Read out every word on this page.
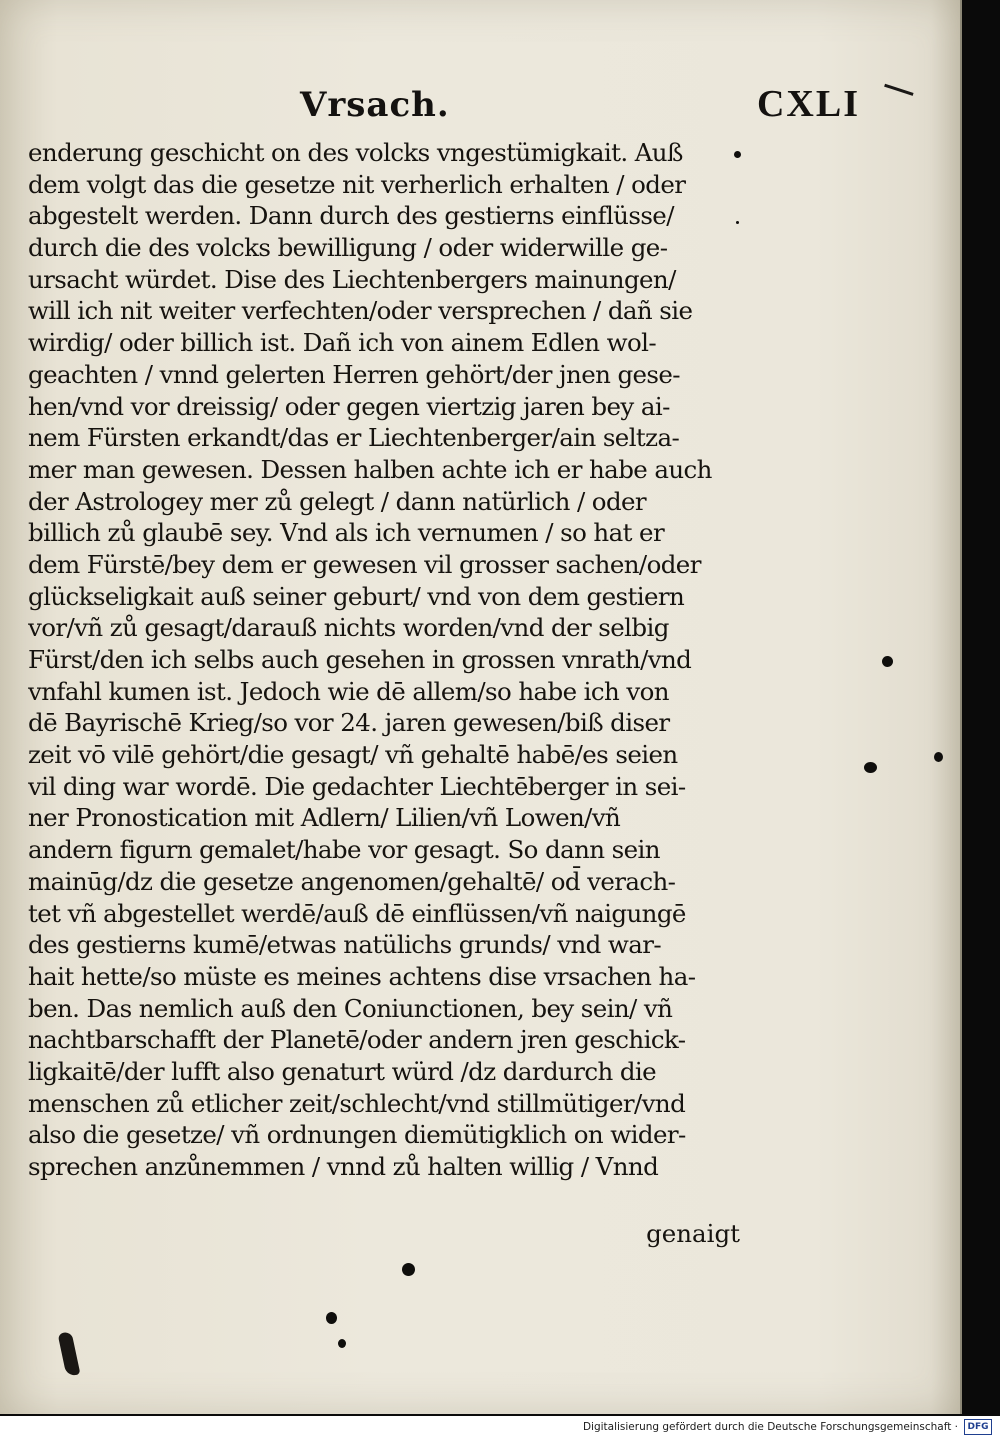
Vrsach.	CXLI
enderung geschicht on des volcks vngestümigkait. Auß
dem volgt das die gesetze nit verherlich erhalten / oder
abgestelt werden. Dann durch des gestierns einflüsse/
durch die des volcks bewilligung / oder widerwille ge-
ursacht würdet. Dise des Liechtenbergers mainungen/
will ich nit weiter verfechten/oder versprechen / dañ sie
wirdig/ oder billich ist. Dañ ich von ainem Edlen wol-
geachten / vnnd gelerten Herren gehört/der jnen gese-
hen/vnd vor dreissig/ oder gegen viertzig jaren bey ai-
nem Fürsten erkandt/das er Liechtenberger/ain seltza-
mer man gewesen. Dessen halben achte ich er habe auch
der Astrologey mer zů gelegt / dann natürlich / oder
billich zů glaubē sey. Vnd als ich vernumen / so hat er
dem Fürstē/bey dem er gewesen vil grosser sachen/oder
glückseligkait auß seiner geburt/ vnd von dem gestiern
vor/vñ zů gesagt/darauß nichts worden/vnd der selbig
Fürst/den ich selbs auch gesehen in grossen vnrath/vnd
vnfahl kumen ist. Jedoch wie dē allem/so habe ich von
dē Bayrischē Krieg/so vor 24. jaren gewesen/biß diser
zeit vō vilē gehört/die gesagt/ vñ gehaltē habē/es seien
vil ding war wordē. Die gedachter Liechtēberger in sei-
ner Pronostication mit Adlern/ Lilien/vñ Lowen/vñ
andern figurn gemalet/habe vor gesagt. So dann sein
mainūg/dz die gesetze angenomen/gehaltē/ od̄ verach-
tet vñ abgestellet werdē/auß dē einflüssen/vñ naigungē
des gestierns kumē/etwas natülichs grunds/ vnd war-
hait hette/so müste es meines achtens dise vrsachen ha-
ben. Das nemlich auß den Coniunctionen, bey sein/ vñ
nachtbarschafft der Planetē/oder andern jren geschick-
ligkaitē/der lufft also genaturt würd /dz dardurch die
menschen zů etlicher zeit/schlecht/vnd stillmütiger/vnd
also die gesetze/ vñ ordnungen diemütigklich on wider-
sprechen anzůnemmen / vnnd zů halten willig / Vnnd
genaigt
Digitalisierung gefördert durch die Deutsche Forschungsgemeinschaft ·	DFG
